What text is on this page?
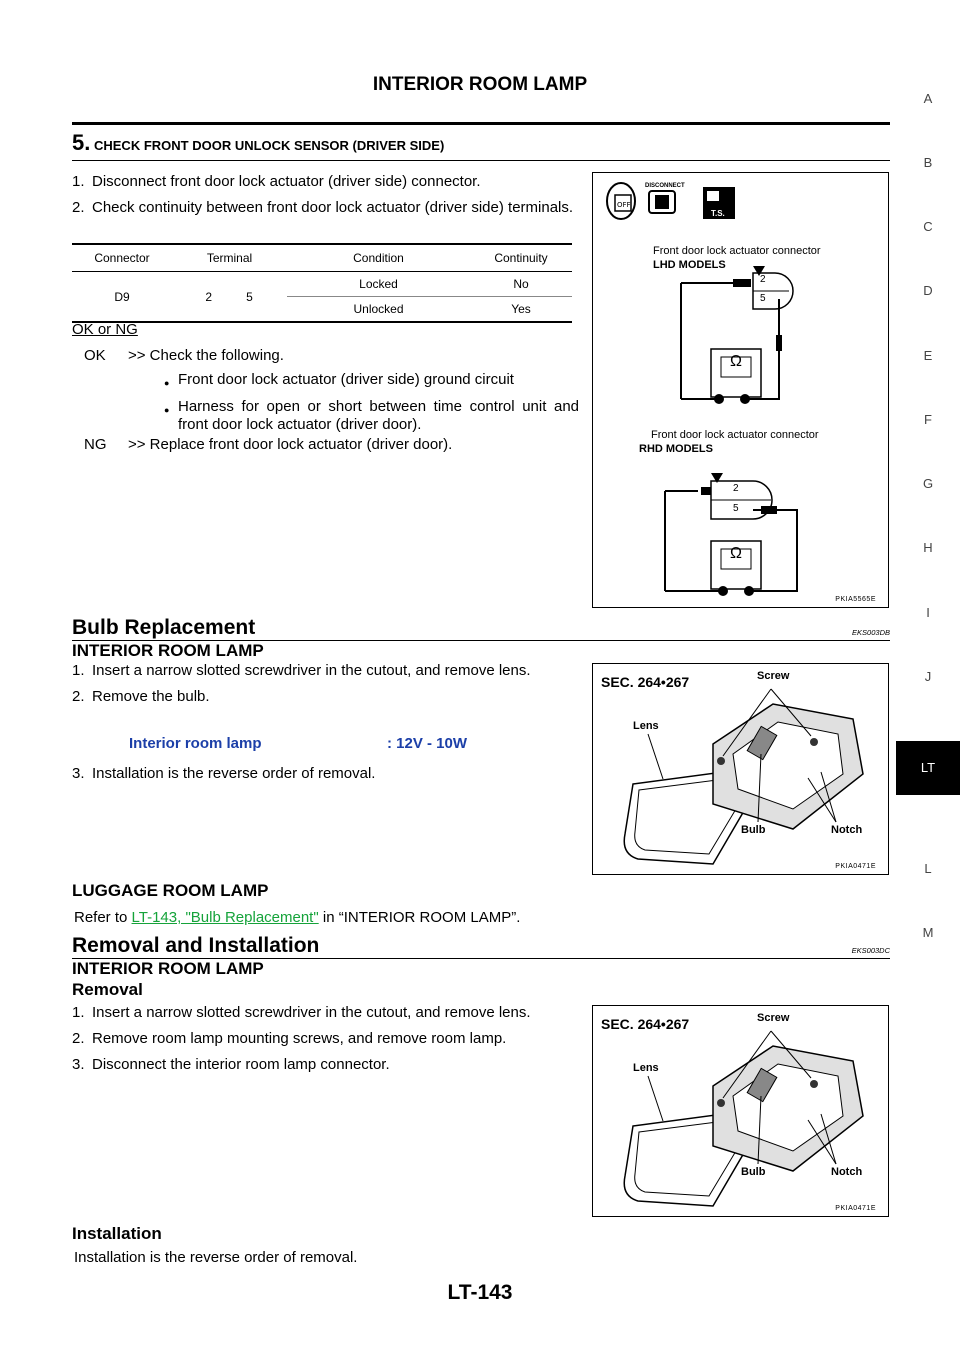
INTERIOR ROOM LAMP
5. CHECK FRONT DOOR UNLOCK SENSOR (DRIVER SIDE)
1. Disconnect front door lock actuator (driver side) connector.
2. Check continuity between front door lock actuator (driver side) terminals.
Connector	Terminal		Condition	Continuity
D9	2	5	Locked	No
			Unlocked	Yes
OK or NG
OK	>> Check the following.
● Front door lock actuator (driver side) ground circuit
● Harness for open or short between time control unit and front door lock actuator (driver door).
NG	>> Replace front door lock actuator (driver door).
OFF
DISCONNECT
T.S.
Front door lock actuator connector
LHD MODELS
2
5
Ω
Front door lock actuator connector
RHD MODELS
2
5
Ω
PKIA5565E
Bulb Replacement	EKS003DB
INTERIOR ROOM LAMP
1. Insert a narrow slotted screwdriver in the cutout, and remove lens.
2. Remove the bulb.
Interior room lamp	: 12V - 10W
3. Installation is the reverse order of removal.
LUGGAGE ROOM LAMP
Refer to LT-143, "Bulb Replacement" in “INTERIOR ROOM LAMP”.
SEC. 264•267	Screw
Lens
Bulb	Notch
PKIA0471E
Removal and Installation	EKS003DC
INTERIOR ROOM LAMP
Removal
1. Insert a narrow slotted screwdriver in the cutout, and remove lens.
2. Remove room lamp mounting screws, and remove room lamp.
3. Disconnect the interior room lamp connector.
Installation
Installation is the reverse order of removal.
SEC. 264•267	Screw
Lens
Bulb	Notch
PKIA0471E
A
B
C
D
E
F
G
H
I
J
LT
L
M
LT-143
